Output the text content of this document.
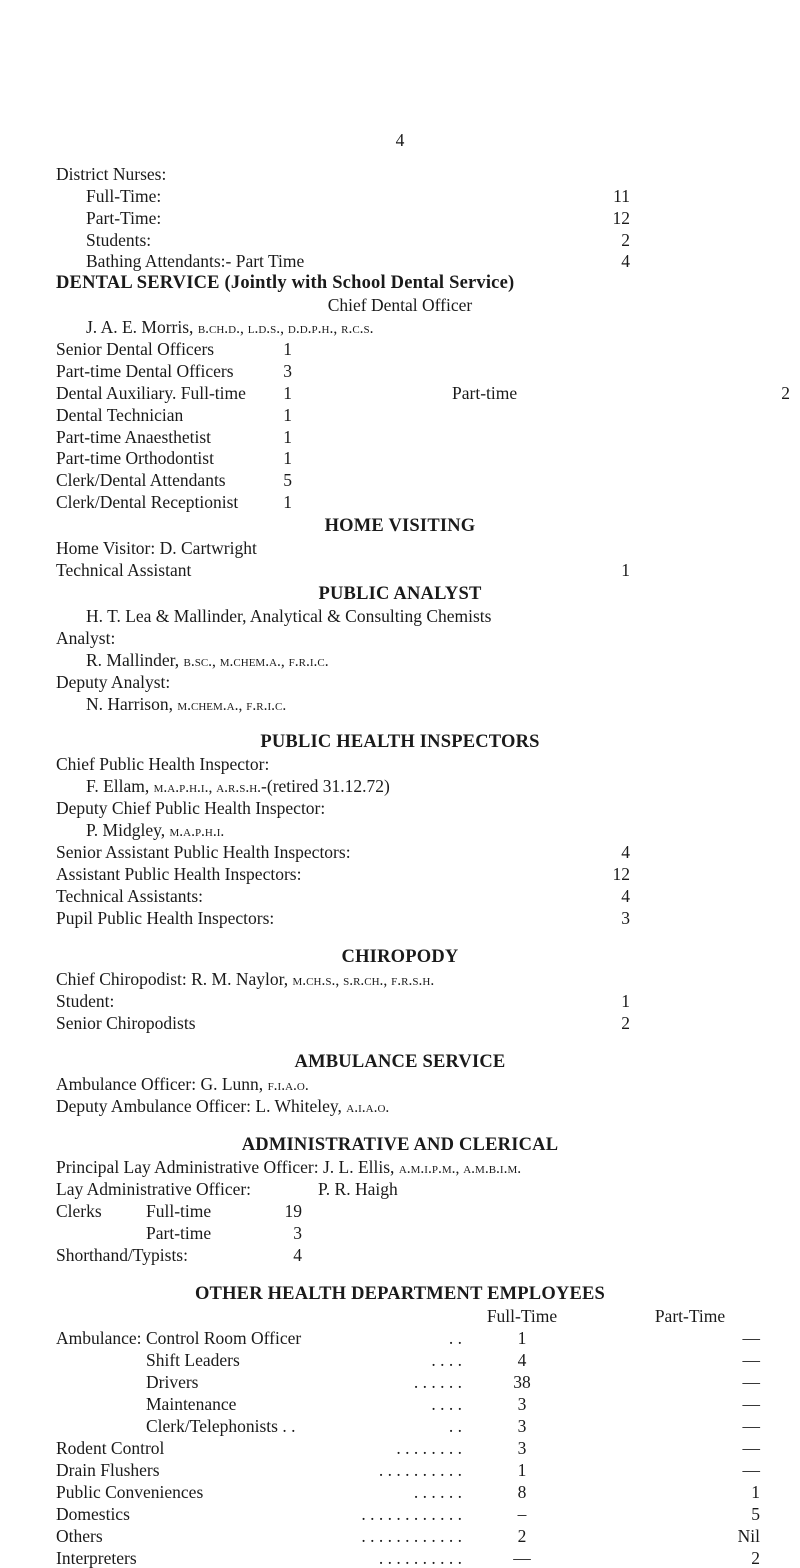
4
District Nurses:
Full-Time:	11
Part-Time:	12
Students:	2
Bathing Attendants:- Part Time	4
DENTAL SERVICE (Jointly with School Dental Service)
Chief Dental Officer
J. A. E. Morris, b.ch.d., l.d.s., d.d.p.h., r.c.s.
Senior Dental Officers	1
Part-time Dental Officers	3
Dental Auxiliary. Full-time	1	Part-time	2
Dental Technician	1
Part-time Anaesthetist	1
Part-time Orthodontist	1
Clerk/Dental Attendants	5
Clerk/Dental Receptionist	1
HOME VISITING
Home Visitor: D. Cartwright
Technical Assistant	1
PUBLIC ANALYST
H. T. Lea & Mallinder, Analytical & Consulting Chemists
Analyst:
R. Mallinder, b.sc., m.chem.a., f.r.i.c.
Deputy Analyst:
N. Harrison, m.chem.a., f.r.i.c.
PUBLIC HEALTH INSPECTORS
Chief Public Health Inspector:
F. Ellam, m.a.p.h.i., a.r.s.h.-(retired 31.12.72)
Deputy Chief Public Health Inspector:
P. Midgley, m.a.p.h.i.
Senior Assistant Public Health Inspectors:	4
Assistant Public Health Inspectors:	12
Technical Assistants:	4
Pupil Public Health Inspectors:	3
CHIROPODY
Chief Chiropodist: R. M. Naylor, m.ch.s., s.r.ch., f.r.s.h.
Student:	1
Senior Chiropodists	2
AMBULANCE SERVICE
Ambulance Officer: G. Lunn, f.i.a.o.
Deputy Ambulance Officer: L. Whiteley, a.i.a.o.
ADMINISTRATIVE AND CLERICAL
Principal Lay Administrative Officer: J. L. Ellis, a.m.i.p.m., a.m.b.i.m.
Lay Administrative Officer:	P. R. Haigh
Clerks	Full-time	19
Part-time	3
Shorthand/Typists:	4
OTHER HEALTH DEPARTMENT EMPLOYEES
Full-Time	Part-Time
Ambulance: Control Room Officer	. .	1	—
Shift Leaders	. . . .	4	—
Drivers	. . . . . .	38	—
Maintenance	. . . .	3	—
Clerk/Telephonists . .	. .	3	—
Rodent Control	. . . . . . . .	3	—
Drain Flushers	. . . . . . . . . .	1	—
Public Conveniences	. . . . . .	8	1
Domestics	. . . . . . . . . . . .	–	5
Others	. . . . . . . . . . . .	2	Nil
Interpreters	. . . . . . . . . .	—	2
